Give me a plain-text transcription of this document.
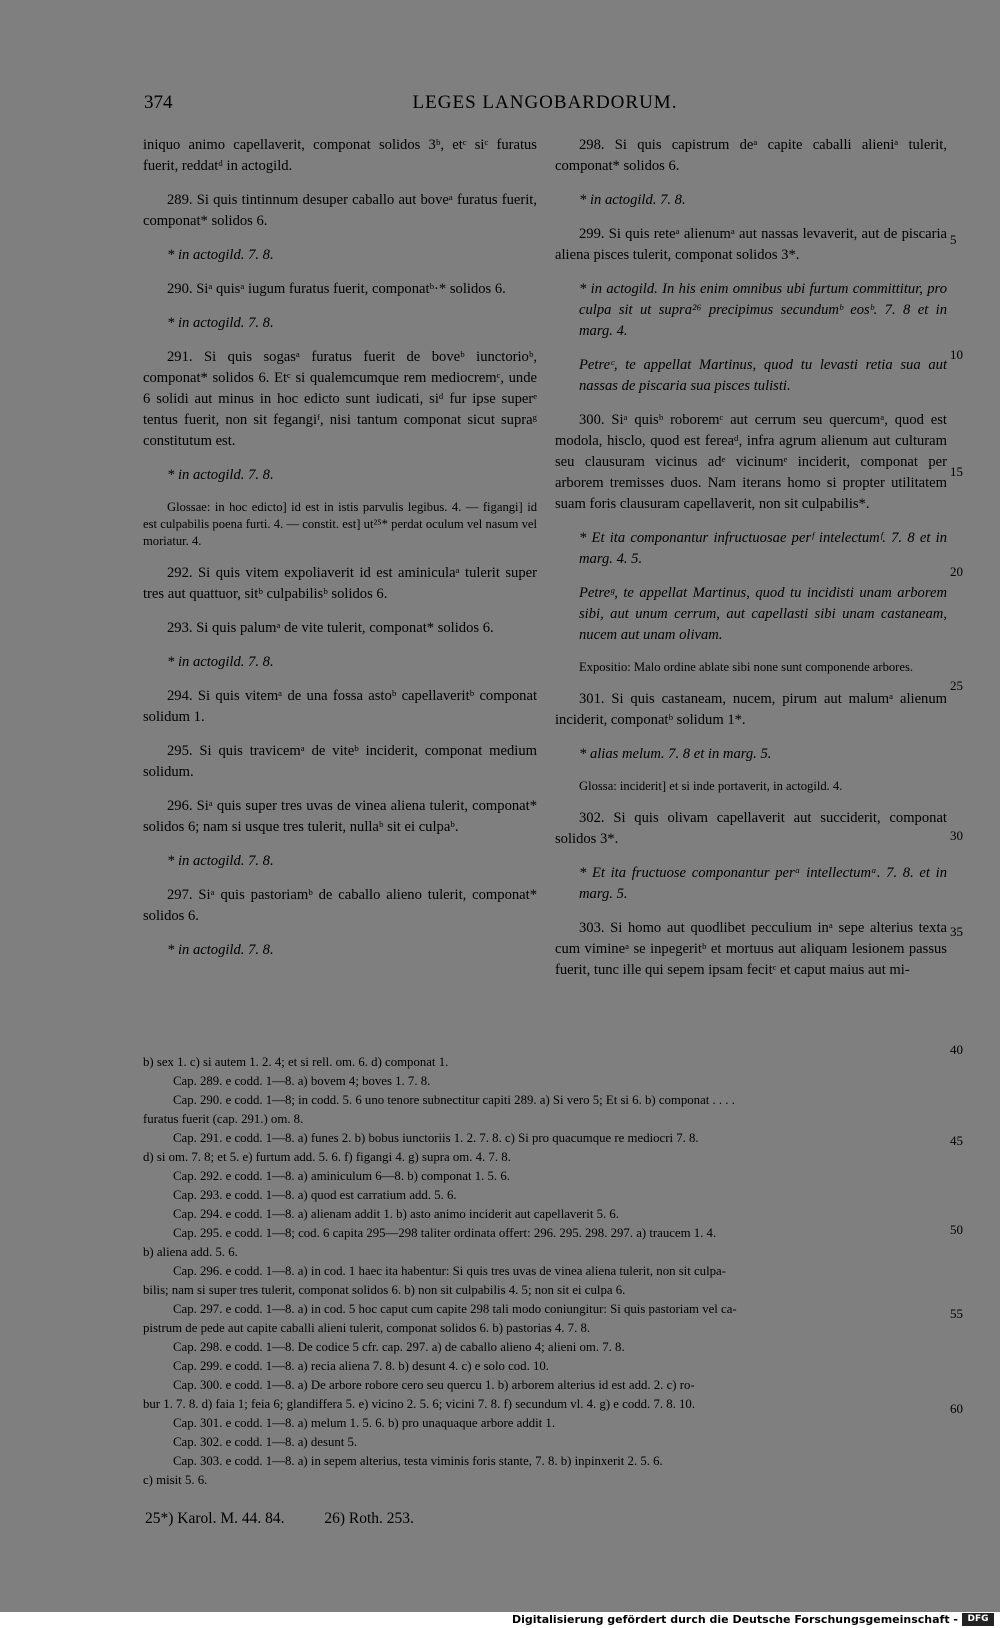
374	LEGES LANGOBARDORUM.

iniquo animo capellaverit, componat solidos 3ᵇ, etᶜ siᶜ furatus fuerit, reddatᵈ in actogild.

289. Si quis tintinnum desuper caballo aut boveᵃ furatus fuerit, componat* solidos 6.

* in actogild. 7. 8.

290. Siᵃ quisᵃ iugum furatus fuerit, componatᵇ·* solidos 6.

* in actogild. 7. 8.

291. Si quis sogasᵃ furatus fuerit de boveᵇ iunctorioᵇ, componat* solidos 6. Etᶜ si qualemcumque rem mediocremᶜ, unde 6 solidi aut minus in hoc edicto sunt iudicati, siᵈ fur ipse superᵉ tentus fuerit, non sit fegangiᶠ, nisi tantum componat sicut supraᵍ constitutum est.

* in actogild. 7. 8.

Glossae: in hoc edicto] id est in istis parvulis legibus. 4. — figangi] id est culpabilis poena furti. 4. — constit. est] ut²⁵* perdat oculum vel nasum vel moriatur. 4.

292. Si quis vitem expoliaverit id est aminiculaᵃ tulerit super tres aut quattuor, sitᵇ culpabilisᵇ solidos 6.

293. Si quis palumᵃ de vite tulerit, componat* solidos 6.

* in actogild. 7. 8.

294. Si quis vitemᵃ de una fossa astoᵇ capellaveritᵇ componat solidum 1.

295. Si quis travicemᵃ de viteᵇ inciderit, componat medium solidum.

296. Siᵃ quis super tres uvas de vinea aliena tulerit, componat* solidos 6; nam si usque tres tulerit, nullaᵇ sit ei culpaᵇ.

* in actogild. 7. 8.

297. Siᵃ quis pastoriamᵇ de caballo alieno tulerit, componat* solidos 6.

* in actogild. 7. 8.

298. Si quis capistrum deᵃ capite caballi alieniᵃ tulerit, componat* solidos 6.

* in actogild. 7. 8.

299. Si quis reteᵃ alienumᵃ aut nassas levaverit, aut de piscaria aliena pisces tulerit, componat solidos 3*.

* in actogild. In his enim omnibus ubi furtum committitur, pro culpa sit ut supra²⁶ precipimus secundumᵇ eosᵇ. 7. 8 et in marg. 4.

Petreᶜ, te appellat Martinus, quod tu levasti retia sua aut nassas de piscaria sua pisces tulisti.

300. Siᵃ quisᵇ roboremᶜ aut cerrum seu quercumᵃ, quod est modola, hisclo, quod est fereaᵈ, infra agrum alienum aut culturam seu clausuram vicinus adᵉ vicinumᵉ inciderit, componat per arborem tremisses duos. Nam iterans homo si propter utilitatem suam foris clausuram capellaverit, non sit culpabilis*.

* Et ita componantur infructuosae perᶠ intelectumᶠ. 7. 8 et in marg. 4. 5.

Petreᵍ, te appellat Martinus, quod tu incidisti unam arborem sibi, aut unum cerrum, aut capellasti sibi unam castaneam, nucem aut unam olivam.

Expositio: Malo ordine ablate sibi none sunt componende arbores.

301. Si quis castaneam, nucem, pirum aut malumᵃ alienum inciderit, componatᵇ solidum 1*.

* alias melum. 7. 8 et in marg. 5.

Glossa: inciderit] et si inde portaverit, in actogild. 4.

302. Si quis olivam capellaverit aut succiderit, componat solidos 3*.

* Et ita fructuose componantur perᵃ intellectumᵃ. 7. 8. et in marg. 5.

303. Si homo aut quodlibet pecculium inᵃ sepe alterius texta cum vimineᵃ se inpegeritᵇ et mortuus aut aliquam lesionem passus fuerit, tunc ille qui sepem ipsam fecitᶜ et caput maius aut mi-

5
10
15
20
25
30
35
40
45
50
55
60
b) sex 1. c) si autem 1. 2. 4; et si rell. om. 6. d) componat 1.
Cap. 289. e codd. 1—8. a) bovem 4; boves 1. 7. 8.
Cap. 290. e codd. 1—8; in codd. 5. 6 uno tenore subnectitur capiti 289. a) Si vero 5; Et si 6. b) componat . . . .
furatus fuerit (cap. 291.) om. 8.
Cap. 291. e codd. 1—8. a) funes 2. b) bobus iunctoriis 1. 2. 7. 8. c) Si pro quacumque re mediocri 7. 8.
d) si om. 7. 8; et 5. e) furtum add. 5. 6. f) figangi 4. g) supra om. 4. 7. 8.
Cap. 292. e codd. 1—8. a) aminiculum 6—8. b) componat 1. 5. 6.
Cap. 293. e codd. 1—8. a) quod est carratium add. 5. 6.
Cap. 294. e codd. 1—8. a) alienam addit 1. b) asto animo inciderit aut capellaverit 5. 6.
Cap. 295. e codd. 1—8; cod. 6 capita 295—298 taliter ordinata offert: 296. 295. 298. 297. a) traucem 1. 4.
b) aliena add. 5. 6.
Cap. 296. e codd. 1—8. a) in cod. 1 haec ita habentur: Si quis tres uvas de vinea aliena tulerit, non sit culpa-
bilis; nam si super tres tulerit, componat solidos 6. b) non sit culpabilis 4. 5; non sit ei culpa 6.
Cap. 297. e codd. 1—8. a) in cod. 5 hoc caput cum capite 298 tali modo coniungitur: Si quis pastoriam vel ca-
pistrum de pede aut capite caballi alieni tulerit, componat solidos 6. b) pastorias 4. 7. 8.
Cap. 298. e codd. 1—8. De codice 5 cfr. cap. 297. a) de caballo alieno 4; alieni om. 7. 8.
Cap. 299. e codd. 1—8. a) recia aliena 7. 8. b) desunt 4. c) e solo cod. 10.
Cap. 300. e codd. 1—8. a) De arbore robore cero seu quercu 1. b) arborem alterius id est add. 2. c) ro-
bur 1. 7. 8. d) faia 1; feia 6; glandiffera 5. e) vicino 2. 5. 6; vicini 7. 8. f) secundum vl. 4. g) e codd. 7. 8. 10.
Cap. 301. e codd. 1—8. a) melum 1. 5. 6. b) pro unaquaque arbore addit 1.
Cap. 302. e codd. 1—8. a) desunt 5.
Cap. 303. e codd. 1—8. a) in sepem alterius, testa viminis foris stante, 7. 8. b) inpinxerit 2. 5. 6.
c) misit 5. 6.
25*) Karol. M. 44. 84.	26) Roth. 253.
Digitalisierung gefördert durch die Deutsche Forschungsgemeinschaft -	DFG
